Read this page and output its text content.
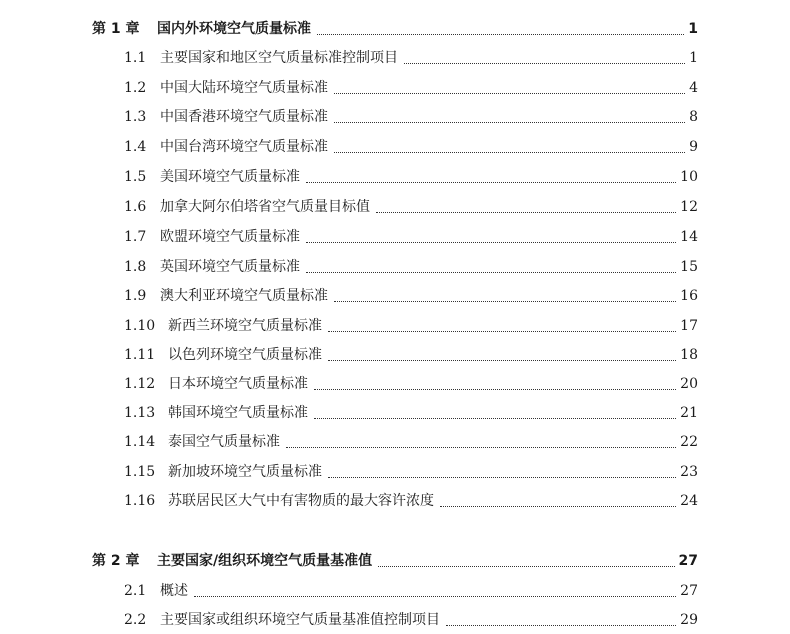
第 1 章 国内外环境空气质量标准	1
1.1 主要国家和地区空气质量标准控制项目	1
1.2 中国大陆环境空气质量标准	4
1.3 中国香港环境空气质量标准	8
1.4 中国台湾环境空气质量标准	9
1.5 美国环境空气质量标准	10
1.6 加拿大阿尔伯塔省空气质量目标值	12
1.7 欧盟环境空气质量标准	14
1.8 英国环境空气质量标准	15
1.9 澳大利亚环境空气质量标准	16
1.10 新西兰环境空气质量标准	17
1.11 以色列环境空气质量标准	18
1.12 日本环境空气质量标准	20
1.13 韩国环境空气质量标准	21
1.14 泰国空气质量标准	22
1.15 新加坡环境空气质量标准	23
1.16 苏联居民区大气中有害物质的最大容许浓度	24
第 2 章 主要国家/组织环境空气质量基准值	27
2.1 概述	27
2.2 主要国家或组织环境空气质量基准值控制项目	29
